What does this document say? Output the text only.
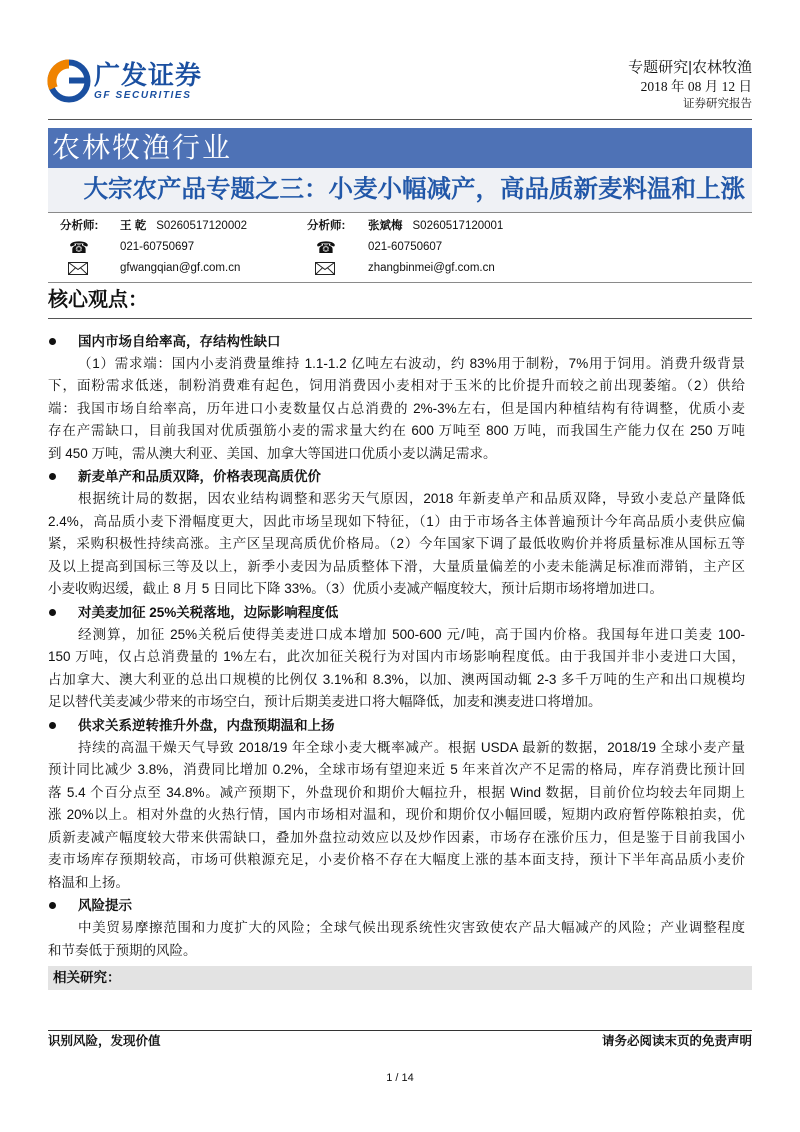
广发证券
GF SECURITIES
专题研究|农林牧渔
2018 年 08 月 12 日
证券研究报告
农林牧渔行业
大宗农产品专题之三：小麦小幅减产，高品质新麦料温和上涨
分析师: 王 乾 S0260517120002	分析师: 张斌梅 S0260517120001
☎	021-60750697	☎	021-60750607
gfwangqian@gf.com.cn	zhangbinmei@gf.com.cn
核心观点：
国内市场自给率高，存结构性缺口
（1）需求端：国内小麦消费量维持 1.1-1.2 亿吨左右波动，约 83%用于制粉，7%用于饲用。消费升级背景
下，面粉需求低迷，制粉消费难有起色，饲用消费因小麦相对于玉米的比价提升而较之前出现萎缩。（2）供给
端：我国市场自给率高，历年进口小麦数量仅占总消费的 2%-3%左右，但是国内种植结构有待调整，优质小麦
存在产需缺口，目前我国对优质强筋小麦的需求量大约在 600 万吨至 800 万吨，而我国生产能力仅在 250 万吨
到 450 万吨，需从澳大利亚、美国、加拿大等国进口优质小麦以满足需求。
新麦单产和品质双降，价格表现高质优价
根据统计局的数据，因农业结构调整和恶劣天气原因，2018 年新麦单产和品质双降，导致小麦总产量降低
2.4%，高品质小麦下滑幅度更大，因此市场呈现如下特征，（1）由于市场各主体普遍预计今年高品质小麦供应偏
紧，采购积极性持续高涨。主产区呈现高质优价格局。（2）今年国家下调了最低收购价并将质量标准从国标五等
及以上提高到国标三等及以上，新季小麦因为品质整体下滑，大量质量偏差的小麦未能满足标准而滞销，主产区
小麦收购迟缓，截止 8 月 5 日同比下降 33%。（3）优质小麦减产幅度较大，预计后期市场将增加进口。
对美麦加征 25%关税落地，边际影响程度低
经测算，加征 25%关税后使得美麦进口成本增加 500-600 元/吨，高于国内价格。我国每年进口美麦 100-
150 万吨，仅占总消费量的 1%左右，此次加征关税行为对国内市场影响程度低。由于我国并非小麦进口大国，
占加拿大、澳大利亚的总出口规模的比例仅 3.1%和 8.3%，以加、澳两国动辄 2-3 多千万吨的生产和出口规模均
足以替代美麦减少带来的市场空白，预计后期美麦进口将大幅降低，加麦和澳麦进口将增加。
供求关系逆转推升外盘，内盘预期温和上扬
持续的高温干燥天气导致 2018/19 年全球小麦大概率减产。根据 USDA 最新的数据，2018/19 全球小麦产量
预计同比减少 3.8%，消费同比增加 0.2%，全球市场有望迎来近 5 年来首次产不足需的格局，库存消费比预计回
落 5.4 个百分点至 34.8%。减产预期下，外盘现价和期价大幅拉升，根据 Wind 数据，目前价位均较去年同期上
涨 20%以上。相对外盘的火热行情，国内市场相对温和，现价和期价仅小幅回暖，短期内政府暂停陈粮拍卖，优
质新麦减产幅度较大带来供需缺口，叠加外盘拉动效应以及炒作因素，市场存在涨价压力，但是鉴于目前我国小
麦市场库存预期较高，市场可供粮源充足，小麦价格不存在大幅度上涨的基本面支持，预计下半年高品质小麦价
格温和上扬。
风险提示
中美贸易摩擦范围和力度扩大的风险；全球气候出现系统性灾害致使农产品大幅减产的风险；产业调整程度
和节奏低于预期的风险。
相关研究：
识别风险，发现价值	请务必阅读末页的免责声明
1 / 14
